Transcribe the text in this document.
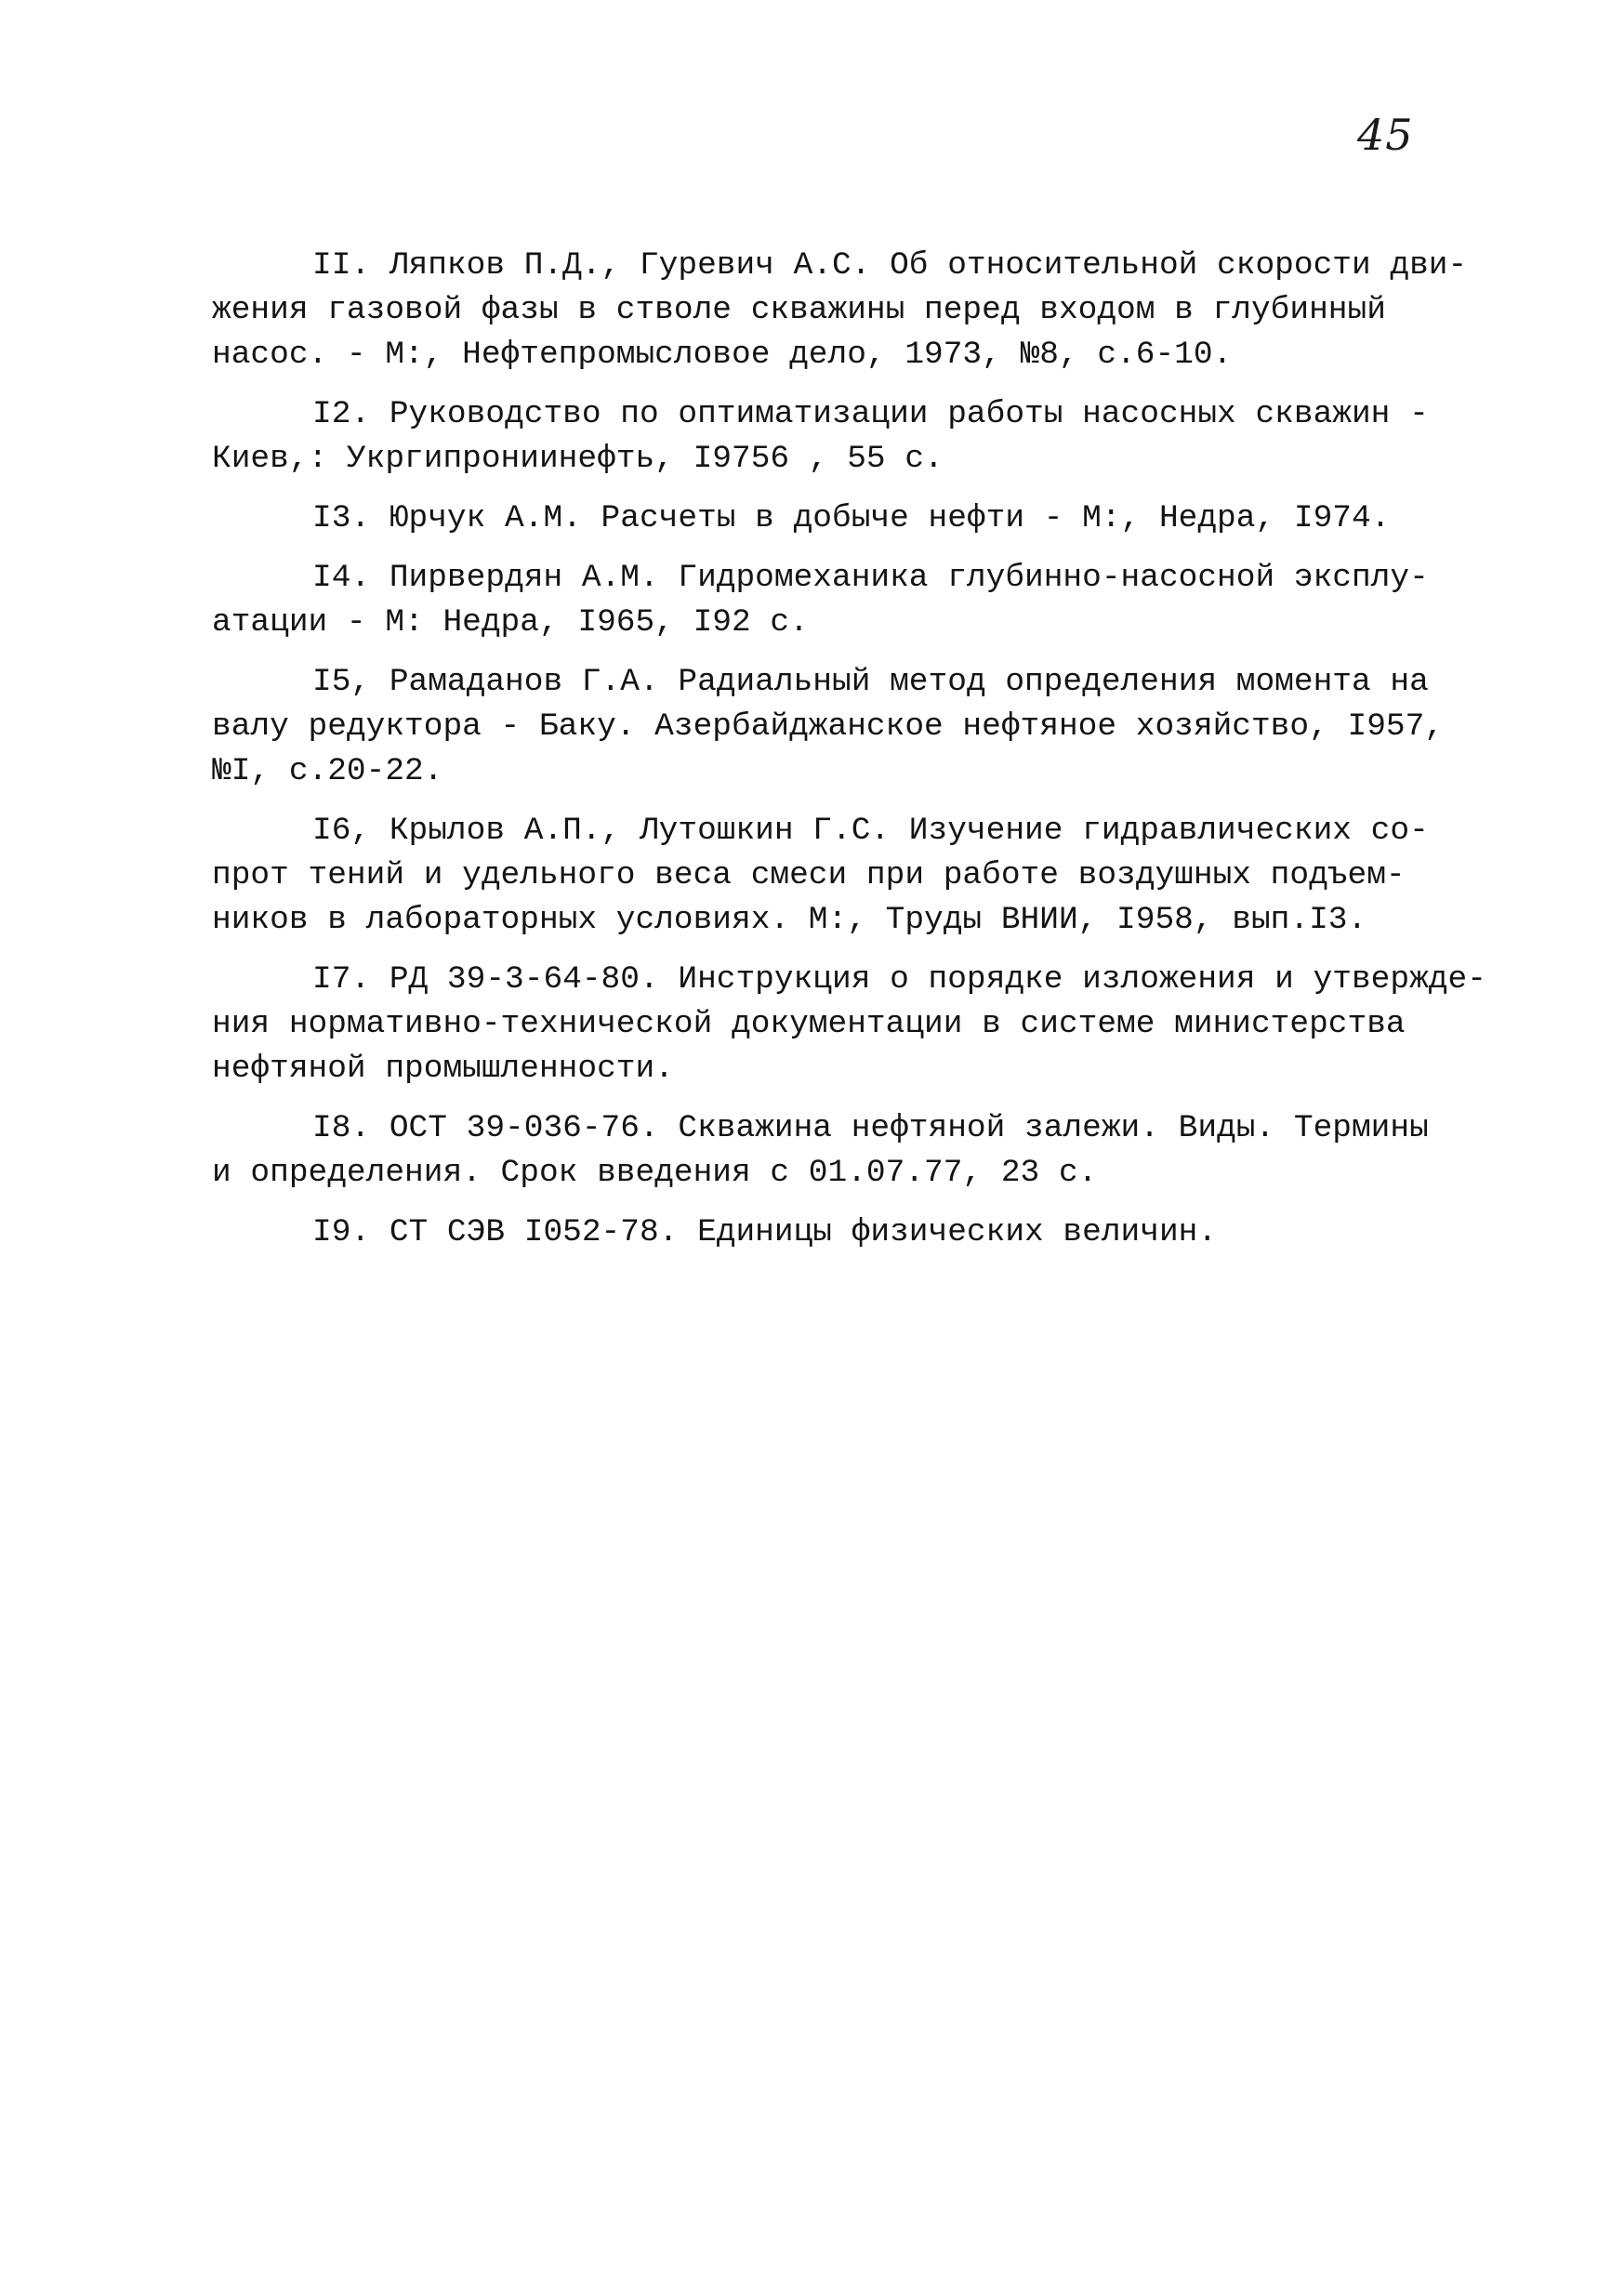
45
II. Ляпков П.Д., Гуревич А.С. Об относительной скорости дви-
жения газовой фазы в стволе скважины перед входом в глубинный
насос. - М:, Нефтепромысловое дело, 1973, №8, с.6-10.
I2. Руководство по оптиматизации работы насосных скважин -
Киев,: Укргипрониинефть, I9756 , 55 с.
I3. Юрчук А.М. Расчеты в добыче нефти - М:, Недра, I974.
I4. Пирвердян А.М. Гидромеханика глубинно-насосной эксплу-
атации - М: Недра, I965, I92 с.
I5, Рамаданов Г.А. Радиальный метод определения момента на
валу редуктора - Баку. Азербайджанское нефтяное хозяйство, I957,
№I, с.20-22.
I6, Крылов А.П., Лутошкин Г.С. Изучение гидравлических со-
прот тений и удельного веса смеси при работе воздушных подъем-
ников в лабораторных условиях. М:, Труды ВНИИ, I958, вып.I3.
I7. РД 39-3-64-80. Инструкция о порядке изложения и утвержде-
ния нормативно-технической документации в системе министерства
нефтяной промышленности.
I8. ОСТ 39-036-76. Скважина нефтяной залежи. Виды. Термины
и определения. Срок введения с 01.07.77, 23 с.
I9. СТ СЭВ I052-78. Единицы физических величин.
